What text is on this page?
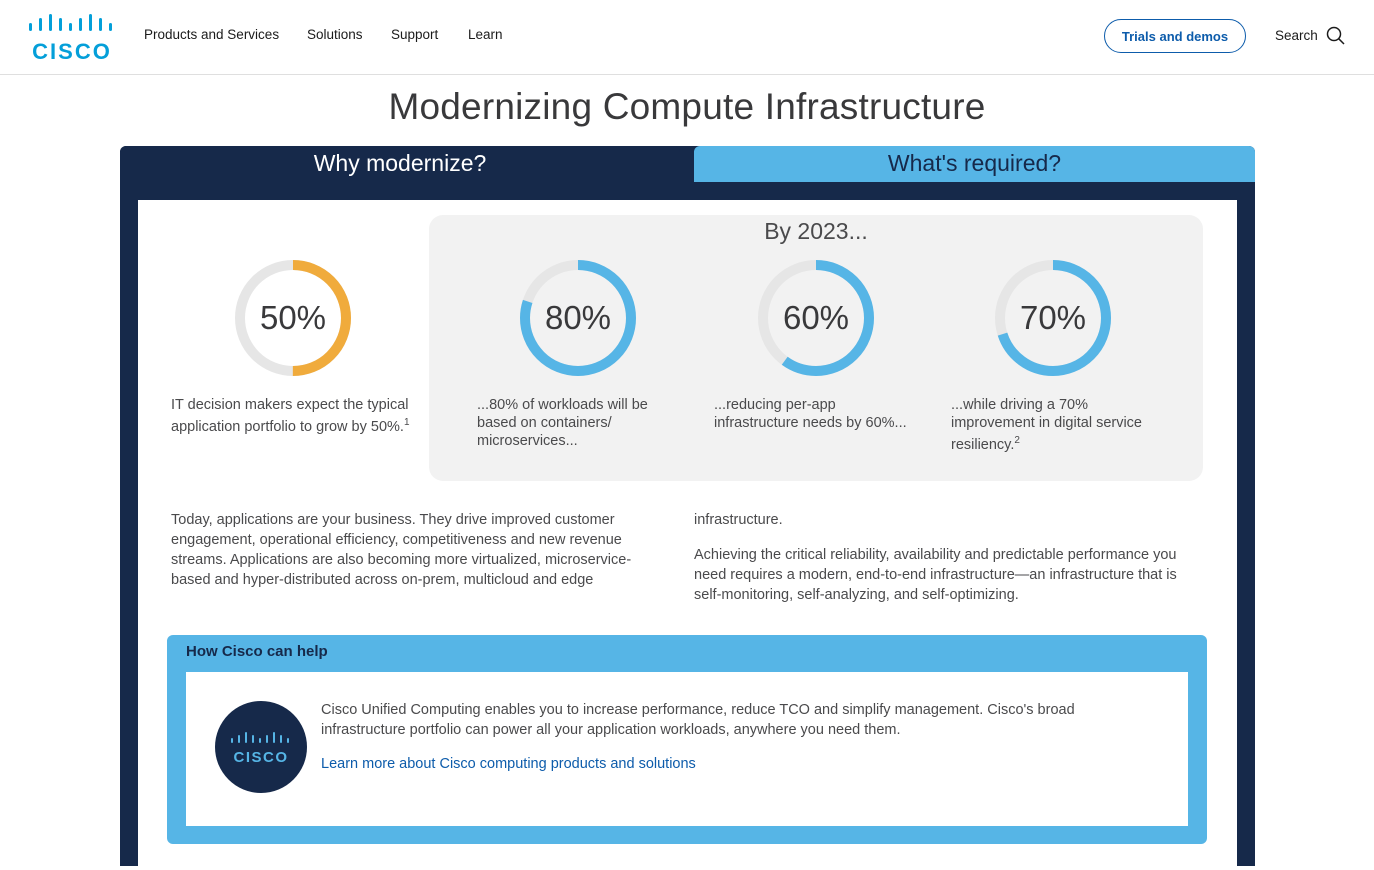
CISCO
Products and Services Solutions Support Learn	Trials and demos	Search
Modernizing Compute Infrastructure
Why modernize?	What's required?
By 2023...
50%	80%	60%	70%
IT decision makers expect the typical application portfolio to grow by 50%.$^1$
...80% of workloads will be based on containers/ microservices...
...reducing per-app infrastructure needs by 60%...
...while driving a 70% improvement in digital service resiliency.$^2$
Today, applications are your business. They drive improved customer engagement, operational efficiency, competitiveness and new revenue streams. Applications are also becoming more virtualized, microservice-based and hyper-distributed across on-prem, multicloud and edge
infrastructure.
Achieving the critical reliability, availability and predictable performance you need requires a modern, end-to-end infrastructure—an infrastructure that is self-monitoring, self-analyzing, and self-optimizing.
How Cisco can help
CISCO
Cisco Unified Computing enables you to increase performance, reduce TCO and simplify management. Cisco's broad infrastructure portfolio can power all your application workloads, anywhere you need them.
Learn more about Cisco computing products and solutions
